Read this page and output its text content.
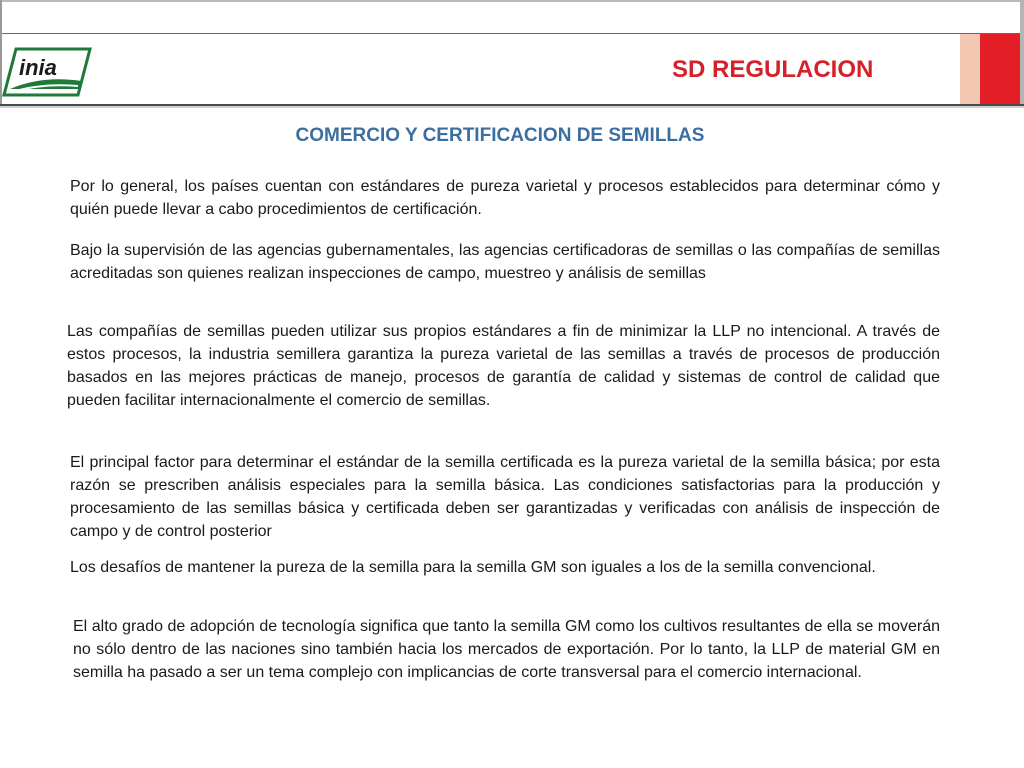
inia	SD REGULACION
COMERCIO Y CERTIFICACION DE SEMILLAS

Por lo general, los países cuentan con estándares de pureza varietal y procesos establecidos para determinar cómo y quién puede llevar a cabo procedimientos de certificación.

Bajo la supervisión de las agencias gubernamentales, las agencias certificadoras de semillas o las compañías de semillas acreditadas son quienes realizan inspecciones de campo, muestreo y análisis de semillas

Las compañías de semillas pueden utilizar sus propios estándares a fin de minimizar la LLP no intencional. A través de estos procesos, la industria semillera garantiza la pureza varietal de las semillas a través de procesos de producción basados en las mejores prácticas de manejo, procesos de garantía de calidad y sistemas de control de calidad que pueden facilitar internacionalmente el comercio de semillas.

El principal factor para determinar el estándar de la semilla certificada es la pureza varietal de la semilla básica; por esta razón se prescriben análisis especiales para la semilla básica. Las condiciones satisfactorias para la producción y procesamiento de las semillas básica y certificada deben ser garantizadas y verificadas con análisis de inspección de campo y de control posterior

Los desafíos de mantener la pureza de la semilla para la semilla GM son iguales a los de la semilla convencional.

El alto grado de adopción de tecnología significa que tanto la semilla GM como los cultivos resultantes de ella se moverán no sólo dentro de las naciones sino también hacia los mercados de exportación. Por lo tanto, la LLP de material GM en semilla ha pasado a ser un tema complejo con implicancias de corte transversal para el comercio internacional.
